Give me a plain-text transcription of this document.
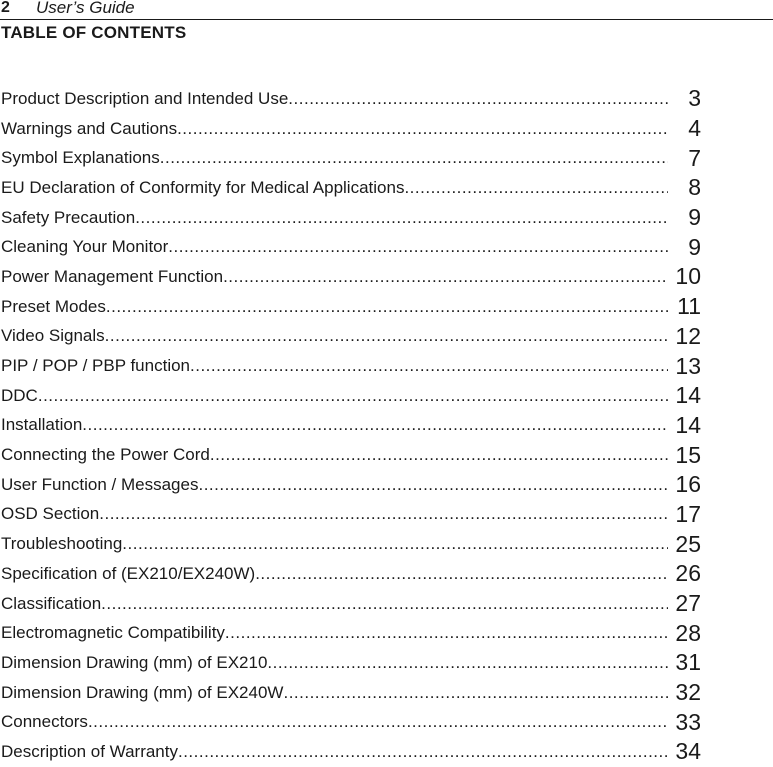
2 User’s Guide
TABLE OF CONTENTS
Product Description and Intended Use .....	3
Warnings and Cautions .....	4
Symbol Explanations .....	7
EU Declaration of Conformity for Medical Applications .....	8
Safety Precaution .....	9
Cleaning Your Monitor .....	9
Power Management Function .....	10
Preset Modes .....	11
Video Signals .....	12
PIP / POP / PBP function .....	13
DDC .....	14
Installation .....	14
Connecting the Power Cord .....	15
User Function / Messages .....	16
OSD Section .....	17
Troubleshooting .....	25
Specification of (EX210/EX240W) .....	26
Classification .....	27
Electromagnetic Compatibility .....	28
Dimension Drawing (mm) of EX210 .....	31
Dimension Drawing (mm) of EX240W .....	32
Connectors .....	33
Description of Warranty .....	34
